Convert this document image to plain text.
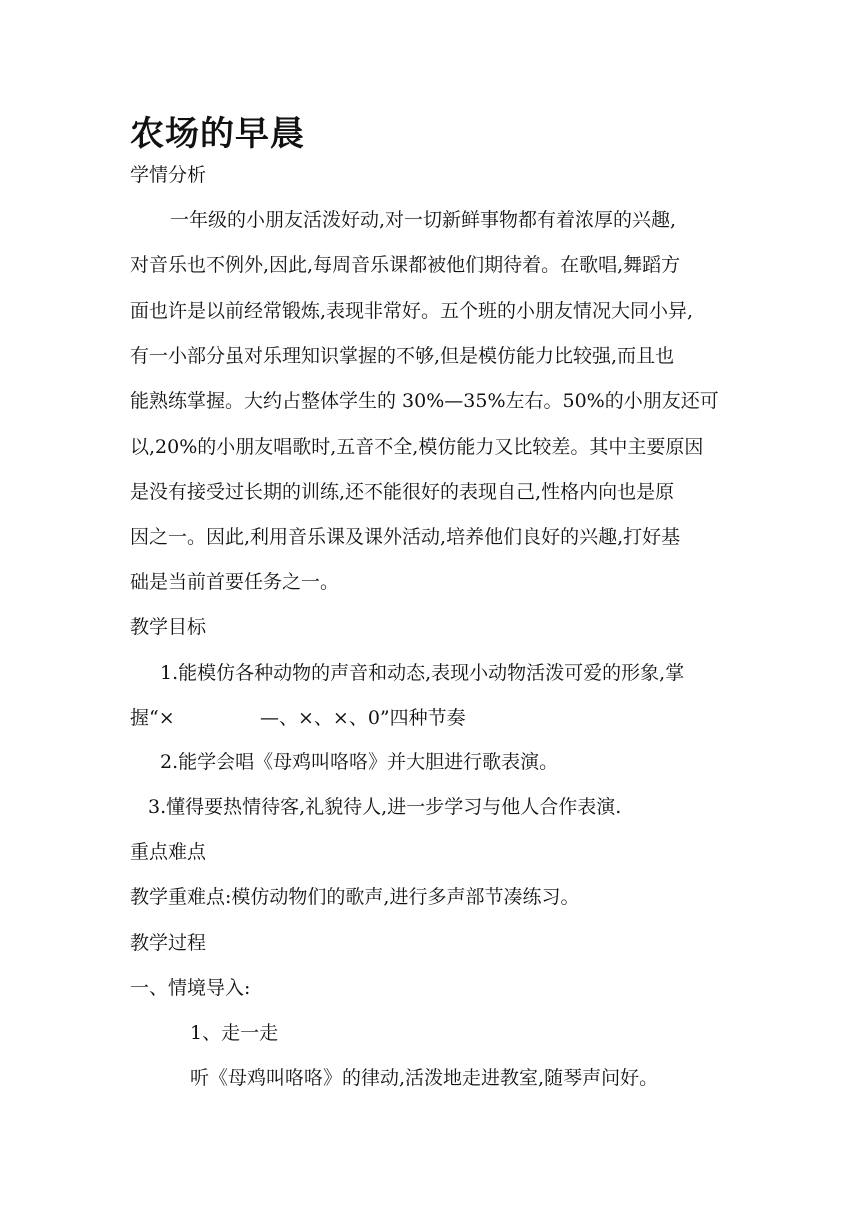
农场的早晨
学情分析
一年级的小朋友活泼好动,对一切新鲜事物都有着浓厚的兴趣,
对音乐也不例外,因此,每周音乐课都被他们期待着。在歌唱,舞蹈方
面也许是以前经常锻炼,表现非常好。五个班的小朋友情况大同小异,
有一小部分虽对乐理知识掌握的不够,但是模仿能力比较强,而且也
能熟练掌握。大约占整体学生的 30%—35%左右。50%的小朋友还可
以,20%的小朋友唱歌时,五音不全,模仿能力又比较差。其中主要原因
是没有接受过长期的训练,还不能很好的表现自己,性格内向也是原
因之一。因此,利用音乐课及课外活动,培养他们良好的兴趣,打好基
础是当前首要任务之一。
教学目标
1.能模仿各种动物的声音和动态,表现小动物活泼可爱的形象,掌
握“×	—、×、×、0”四种节奏
2.能学会唱《母鸡叫咯咯》并大胆进行歌表演。
3.懂得要热情待客,礼貌待人,进一步学习与他人合作表演.
重点难点
教学重难点:模仿动物们的歌声,进行多声部节凑练习。
教学过程
一、情境导入:
1、走一走
听《母鸡叫咯咯》的律动,活泼地走进教室,随琴声问好。
